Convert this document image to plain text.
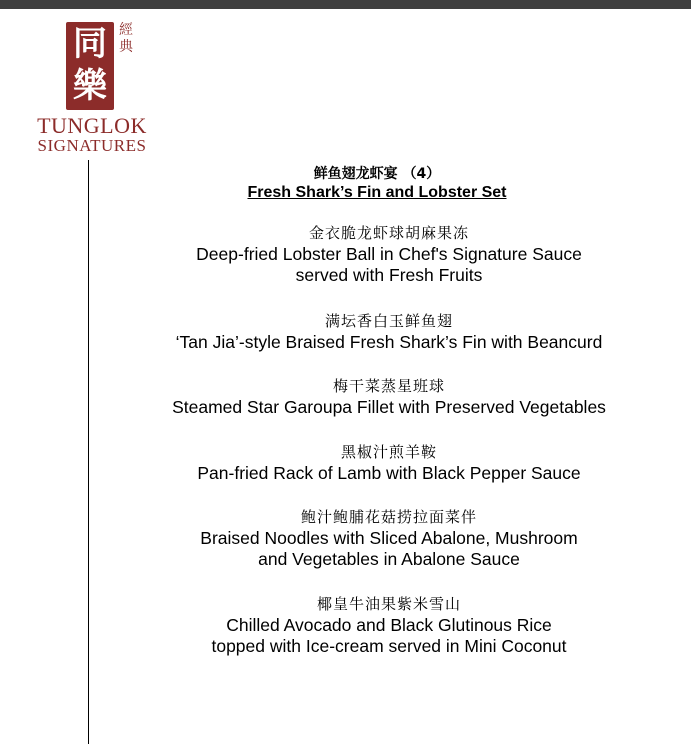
同
樂
經
典
TUNGLOK
SIGNATURES
鲜鱼翅龙虾宴 （4）
Fresh Shark’s Fin and Lobster Set
金衣脆龙虾球胡麻果冻
Deep-fried Lobster Ball in Chef's Signature Sauce
served with Fresh Fruits
满坛香白玉鲜鱼翅
‘Tan Jia’-style Braised Fresh Shark’s Fin with Beancurd
梅干菜蒸星班球
Steamed Star Garoupa Fillet with Preserved Vegetables
黑椒汁煎羊鞍
Pan-fried Rack of Lamb with Black Pepper Sauce
鲍汁鲍脯花菇捞拉面菜伴
Braised Noodles with Sliced Abalone, Mushroom
and Vegetables in Abalone Sauce
椰皇牛油果紫米雪山
Chilled Avocado and Black Glutinous Rice
topped with Ice-cream served in Mini Coconut
